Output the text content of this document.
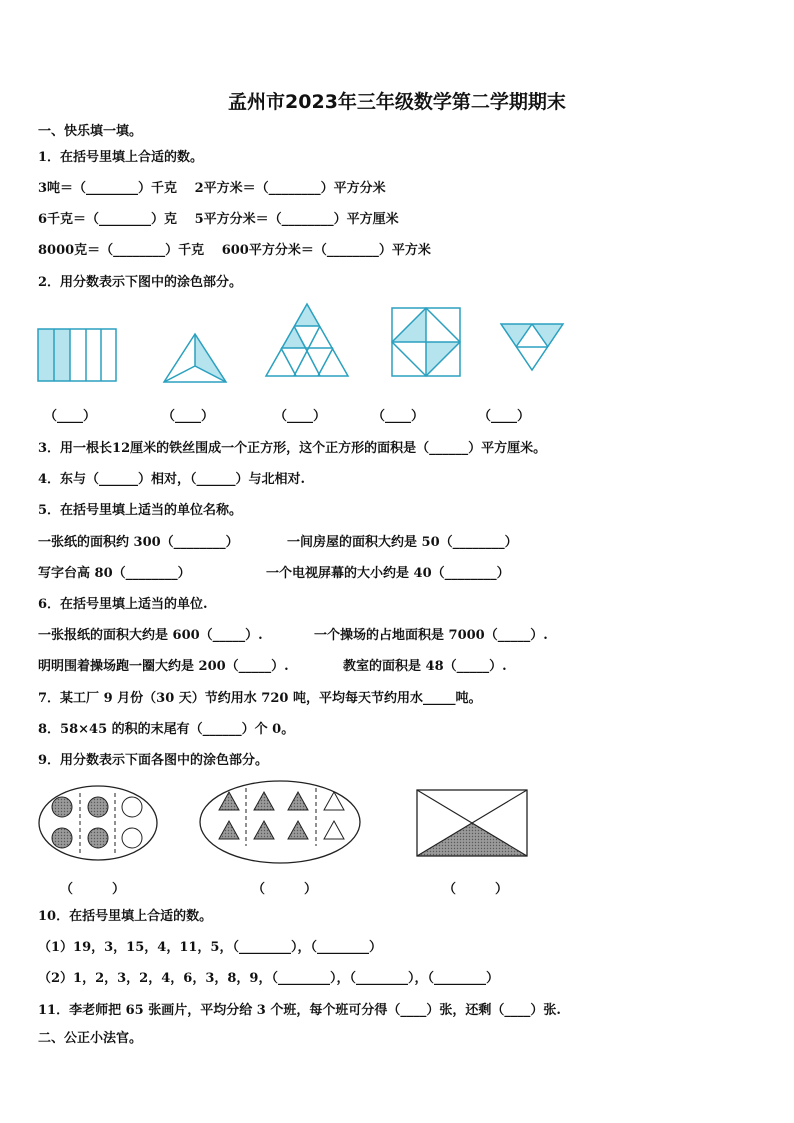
孟州市2023年三年级数学第二学期期末
一、快乐填一填。
1．在括号里填上合适的数。
3吨＝（________）千克　 2平方米＝（________）平方分米
6千克＝（________）克　 5平方分米＝（________）平方厘米
8000克＝（________）千克　 600平方分米＝（________）平方米
2．用分数表示下图中的涂色部分。
（____）	（____）	（____）	（____）	（____）
3．用一根长12厘米的铁丝围成一个正方形，这个正方形的面积是（______）平方厘米。
4．东与（______）相对，（______）与北相对.
5．在括号里填上适当的单位名称。
一张纸的面积约 300（________）	一间房屋的面积大约是 50（________）
写字台高 80（________）	一个电视屏幕的大小约是 40（________）
6．在括号里填上适当的单位.
一张报纸的面积大约是 600（_____）.	一个操场的占地面积是 7000（_____）.
明明围着操场跑一圈大约是 200（_____）.	教室的面积是 48（_____）.
7．某工厂 9 月份（30 天）节约用水 720 吨，平均每天节约用水_____吨。
8．58×45 的积的末尾有（______）个 0。
9．用分数表示下面各图中的涂色部分。
（　　　）	（　　　）	（　　　）
10．在括号里填上合适的数。
（1）19，3，15，4，11，5，（________），（________）
（2）1，2，3，2，4，6，3，8，9，（________），（________），（________）
11．李老师把 65 张画片，平均分给 3 个班，每个班可分得（____）张，还剩（____）张.
二、公正小法官。
